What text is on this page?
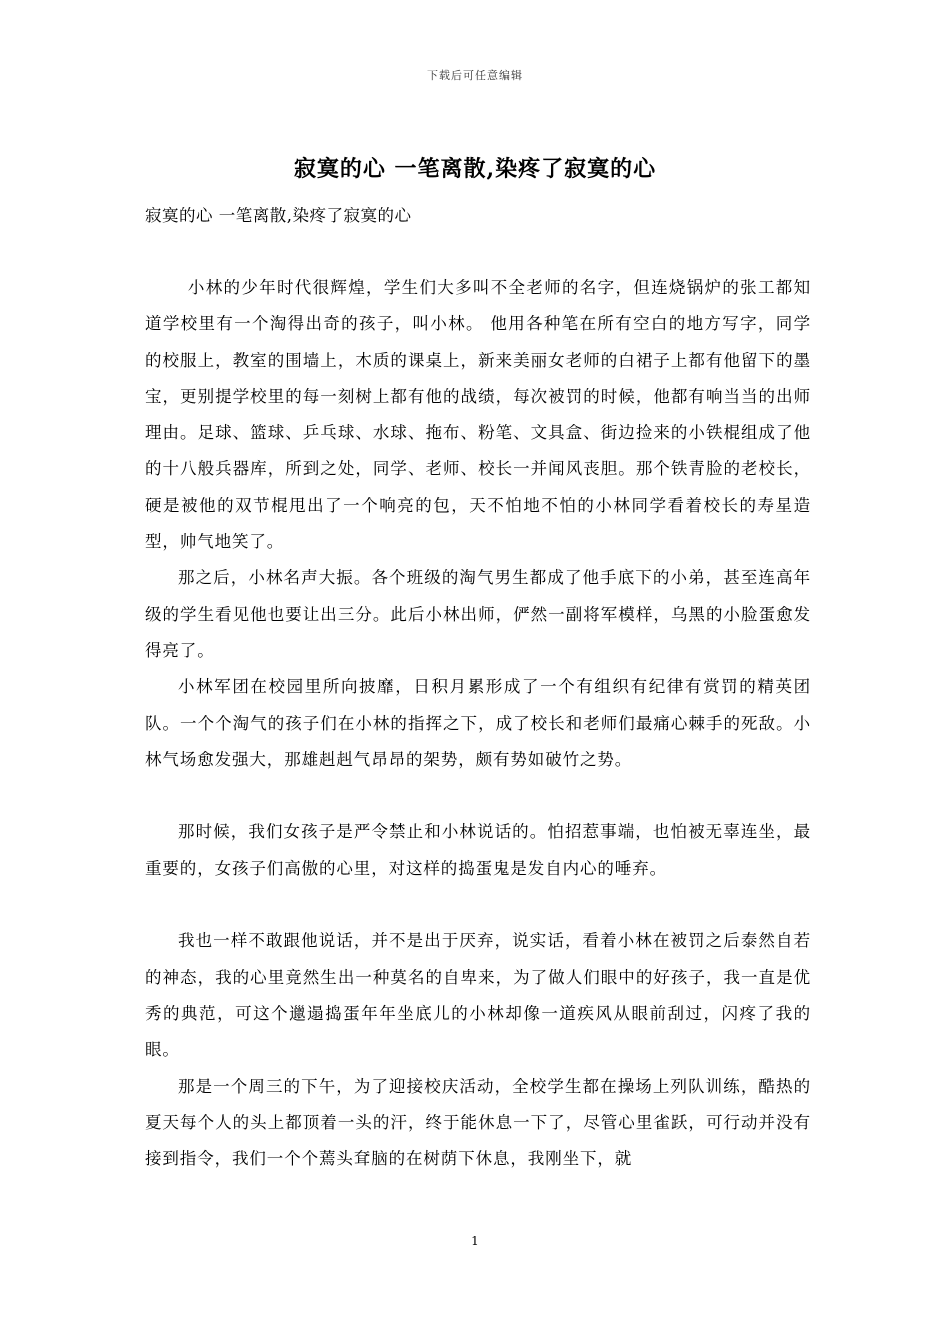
下载后可任意编辑
寂寞的心 一笔离散,染疼了寂寞的心
寂寞的心 一笔离散,染疼了寂寞的心

小林的少年时代很辉煌，学生们大多叫不全老师的名字，但连烧锅炉的张工都知道学校里有一个淘得出奇的孩子，叫小林。 他用各种笔在所有空白的地方写字，同学的校服上，教室的围墙上，木质的课桌上，新来美丽女老师的白裙子上都有他留下的墨宝，更别提学校里的每一刻树上都有他的战绩，每次被罚的时候，他都有响当当的出师理由。足球、篮球、乒乓球、水球、拖布、粉笔、文具盒、街边捡来的小铁棍组成了他的十八般兵器库，所到之处，同学、老师、校长一并闻风丧胆。那个铁青脸的老校长，硬是被他的双节棍甩出了一个响亮的包，天不怕地不怕的小林同学看着校长的寿星造型，帅气地笑了。

那之后，小林名声大振。各个班级的淘气男生都成了他手底下的小弟，甚至连高年级的学生看见他也要让出三分。此后小林出师，俨然一副将军模样，乌黑的小脸蛋愈发得亮了。

小林军团在校园里所向披靡，日积月累形成了一个有组织有纪律有赏罚的精英团队。一个个淘气的孩子们在小林的指挥之下，成了校长和老师们最痛心棘手的死敌。小林气场愈发强大，那雄赳赳气昂昂的架势，颇有势如破竹之势。

那时候，我们女孩子是严令禁止和小林说话的。怕招惹事端，也怕被无辜连坐，最重要的，女孩子们高傲的心里，对这样的捣蛋鬼是发自内心的唾弃。

我也一样不敢跟他说话，并不是出于厌弃，说实话，看着小林在被罚之后泰然自若的神态，我的心里竟然生出一种莫名的自卑来，为了做人们眼中的好孩子，我一直是优秀的典范，可这个邋遢捣蛋年年坐底儿的小林却像一道疾风从眼前刮过，闪疼了我的眼。

那是一个周三的下午，为了迎接校庆活动，全校学生都在操场上列队训练，酷热的夏天每个人的头上都顶着一头的汗，终于能休息一下了，尽管心里雀跃，可行动并没有接到指令，我们一个个蔫头耷脑的在树荫下休息，我刚坐下，就

1
